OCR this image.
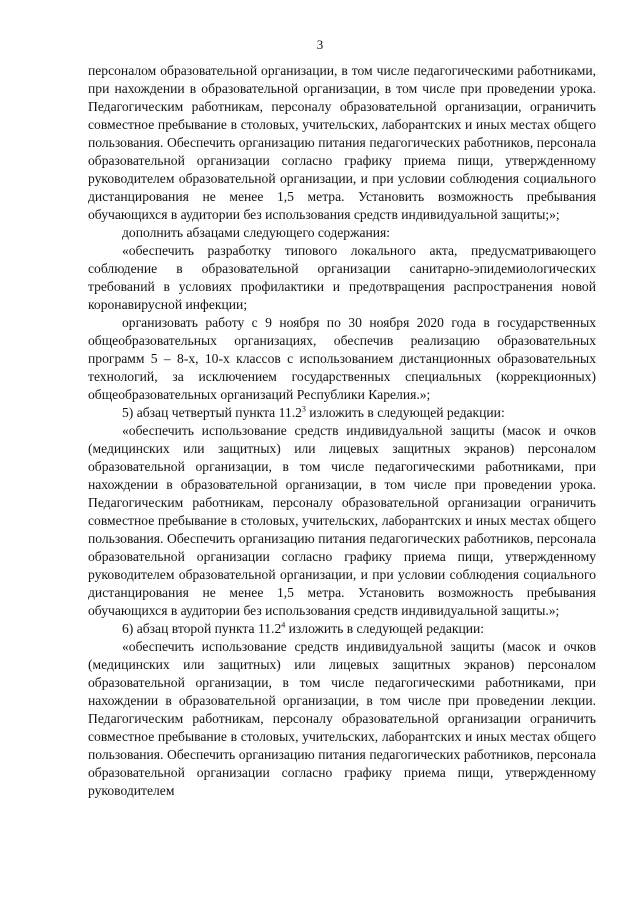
3

персоналом образовательной организации, в том числе педагогическими работниками, при нахождении в образовательной организации, в том числе при проведении урока. Педагогическим работникам, персоналу образовательной организации, ограничить совместное пребывание в столовых, учительских, лаборантских и иных местах общего пользования. Обеспечить организацию питания педагогических работников, персонала образовательной организации согласно графику приема пищи, утвержденному руководителем образовательной организации, и при условии соблюдения социального дистанцирования не менее 1,5 метра. Установить возможность пребывания обучающихся в аудитории без использования средств индивидуальной защиты;»;

дополнить абзацами следующего содержания:

«обеспечить разработку типового локального акта, предусматривающего соблюдение в образовательной организации санитарно-эпидемиологических требований в условиях профилактики и предотвращения распространения новой коронавирусной инфекции;

организовать работу с 9 ноября по 30 ноября 2020 года в государственных общеобразовательных организациях, обеспечив реализацию образовательных программ 5 – 8-х, 10-х классов с использованием дистанционных образовательных технологий, за исключением государственных специальных (коррекционных) общеобразовательных организаций Республики Карелия.»;

5) абзац четвертый пункта 11.2$^3$ изложить в следующей редакции:

«обеспечить использование средств индивидуальной защиты (масок и очков (медицинских или защитных) или лицевых защитных экранов) персоналом образовательной организации, в том числе педагогическими работниками, при нахождении в образовательной организации, в том числе при проведении урока. Педагогическим работникам, персоналу образовательной организации ограничить совместное пребывание в столовых, учительских, лаборантских и иных местах общего пользования. Обеспечить организацию питания педагогических работников, персонала образовательной организации согласно графику приема пищи, утвержденному руководителем образовательной организации, и при условии соблюдения социального дистанцирования не менее 1,5 метра. Установить возможность пребывания обучающихся в аудитории без использования средств индивидуальной защиты.»;

6) абзац второй пункта 11.2$^4$ изложить в следующей редакции:

«обеспечить использование средств индивидуальной защиты (масок и очков (медицинских или защитных) или лицевых защитных экранов) персоналом образовательной организации, в том числе педагогическими работниками, при нахождении в образовательной организации, в том числе при проведении лекции. Педагогическим работникам, персоналу образовательной организации ограничить совместное пребывание в столовых, учительских, лаборантских и иных местах общего пользования. Обеспечить организацию питания педагогических работников, персонала образовательной организации согласно графику приема пищи, утвержденному руководителем
